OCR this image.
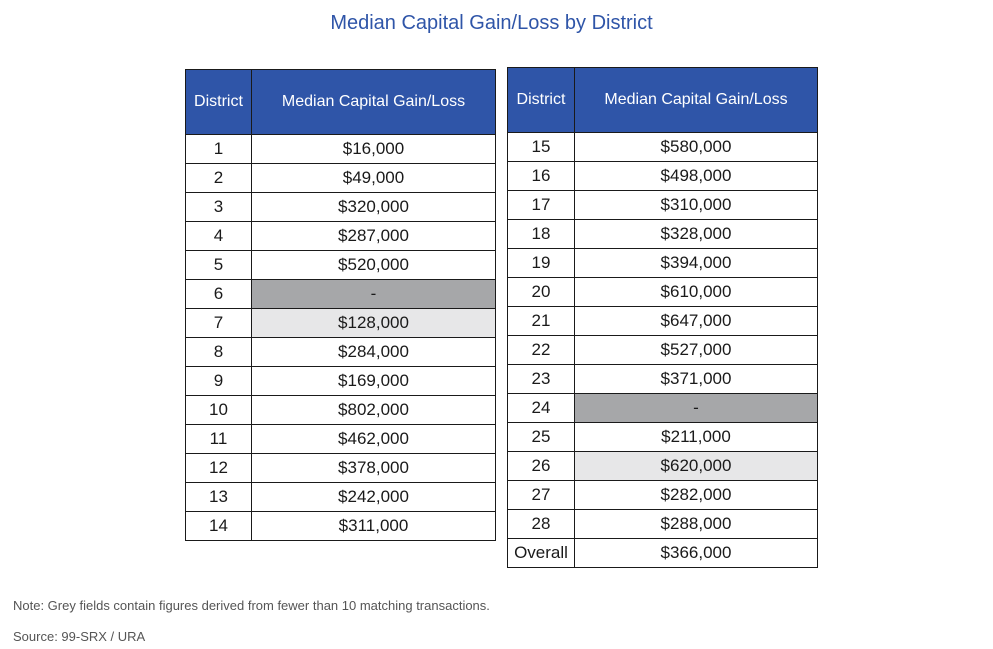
Median Capital Gain/Loss by District
District	Median Capital Gain/Loss
1	$16,000
2	$49,000
3	$320,000
4	$287,000
5	$520,000
6	-
7	$128,000
8	$284,000
9	$169,000
10	$802,000
11	$462,000
12	$378,000
13	$242,000
14	$311,000
District	Median Capital Gain/Loss
15	$580,000
16	$498,000
17	$310,000
18	$328,000
19	$394,000
20	$610,000
21	$647,000
22	$527,000
23	$371,000
24	-
25	$211,000
26	$620,000
27	$282,000
28	$288,000
Overall	$366,000
Note: Grey fields contain figures derived from fewer than 10 matching transactions.
Source: 99-SRX / URA
